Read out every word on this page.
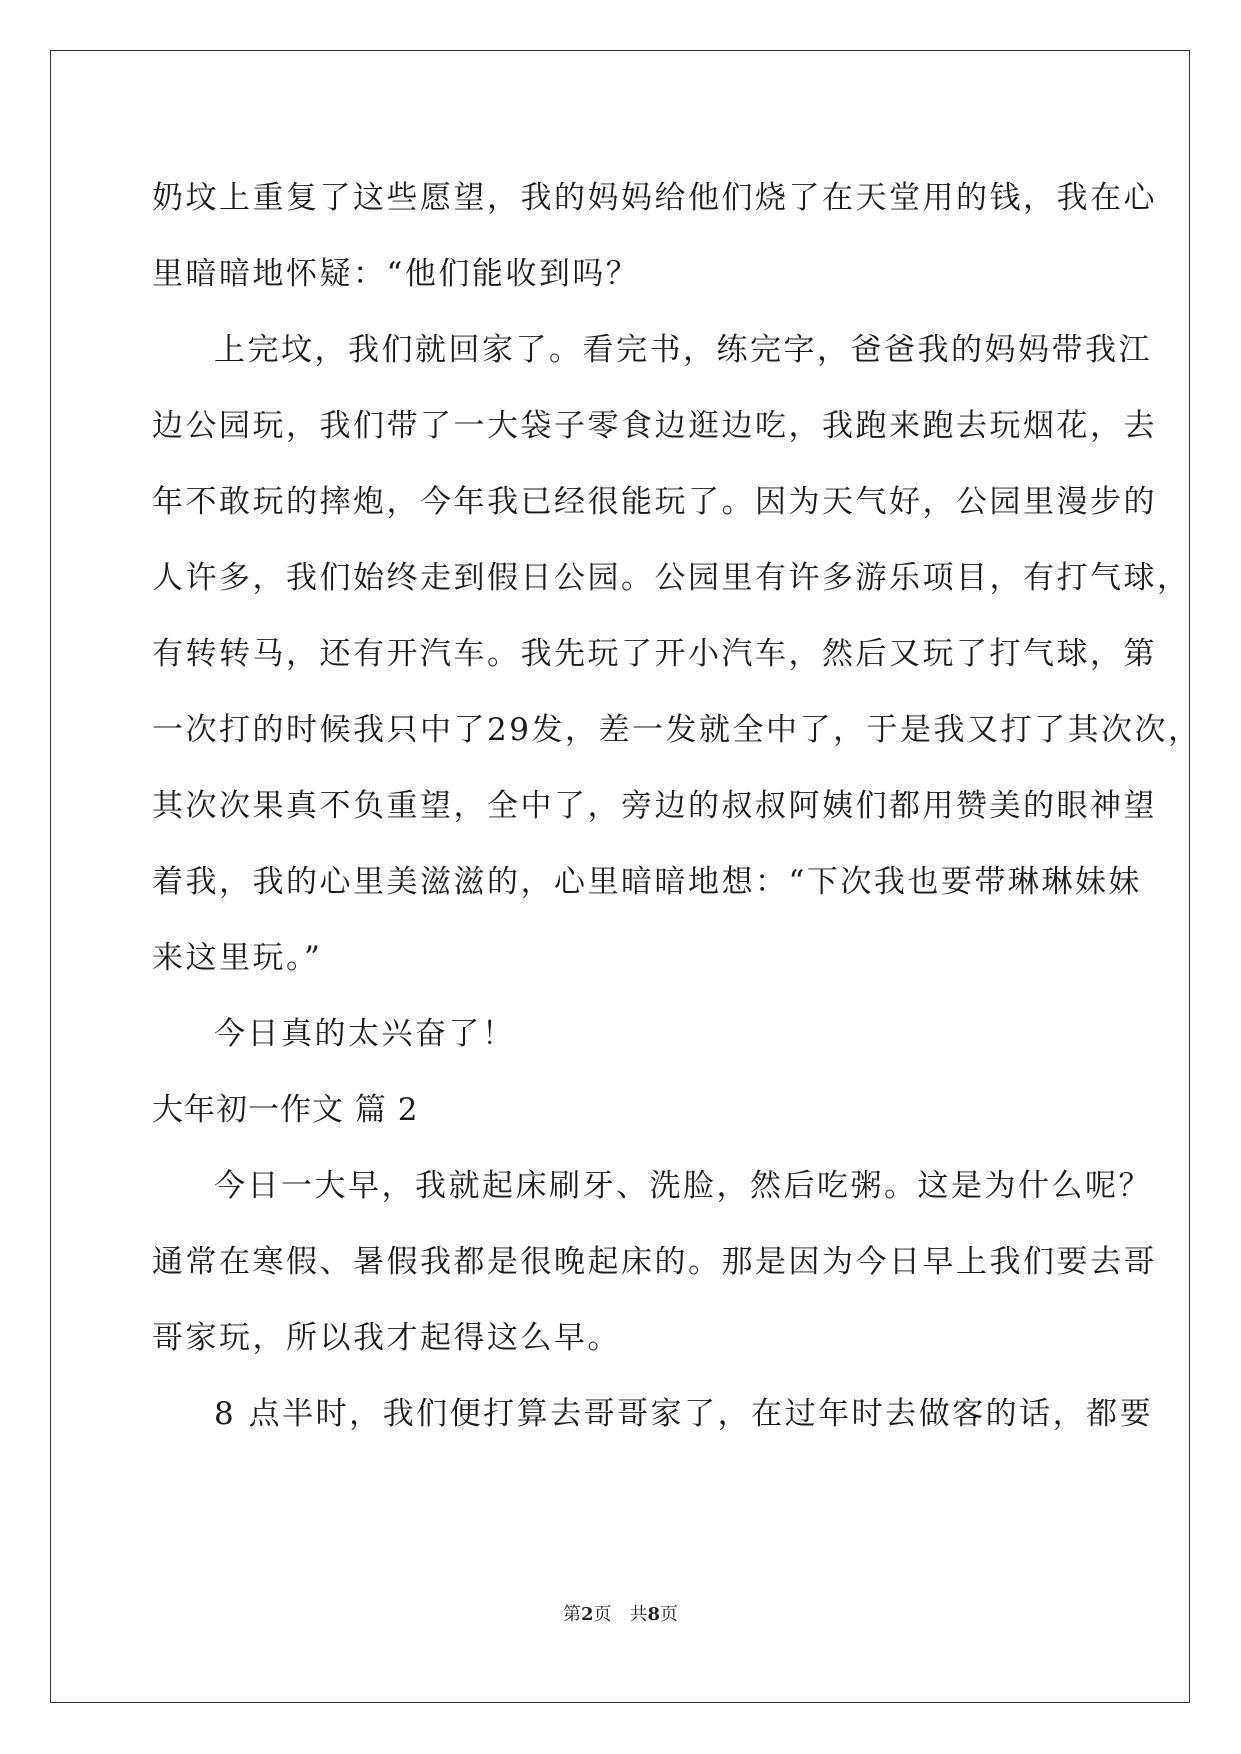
奶坟上重复了这些愿望，我的妈妈给他们烧了在天堂用的钱，我在心
里暗暗地怀疑：“他们能收到吗？
上完坟，我们就回家了。看完书，练完字，爸爸我的妈妈带我江
边公园玩，我们带了一大袋子零食边逛边吃，我跑来跑去玩烟花，去
年不敢玩的摔炮，今年我已经很能玩了。因为天气好，公园里漫步的
人许多，我们始终走到假日公园。公园里有许多游乐项目，有打气球，
有转转马，还有开汽车。我先玩了开小汽车，然后又玩了打气球，第
一次打的时候我只中了29发，差一发就全中了，于是我又打了其次次，
其次次果真不负重望，全中了，旁边的叔叔阿姨们都用赞美的眼神望
着我，我的心里美滋滋的，心里暗暗地想：“下次我也要带琳琳妹妹
来这里玩。”
今日真的太兴奋了！
大年初一作文 篇 2
今日一大早，我就起床刷牙、洗脸，然后吃粥。这是为什么呢？
通常在寒假、暑假我都是很晚起床的。那是因为今日早上我们要去哥
哥家玩，所以我才起得这么早。
8 点半时，我们便打算去哥哥家了，在过年时去做客的话，都要
第2页 共8页
